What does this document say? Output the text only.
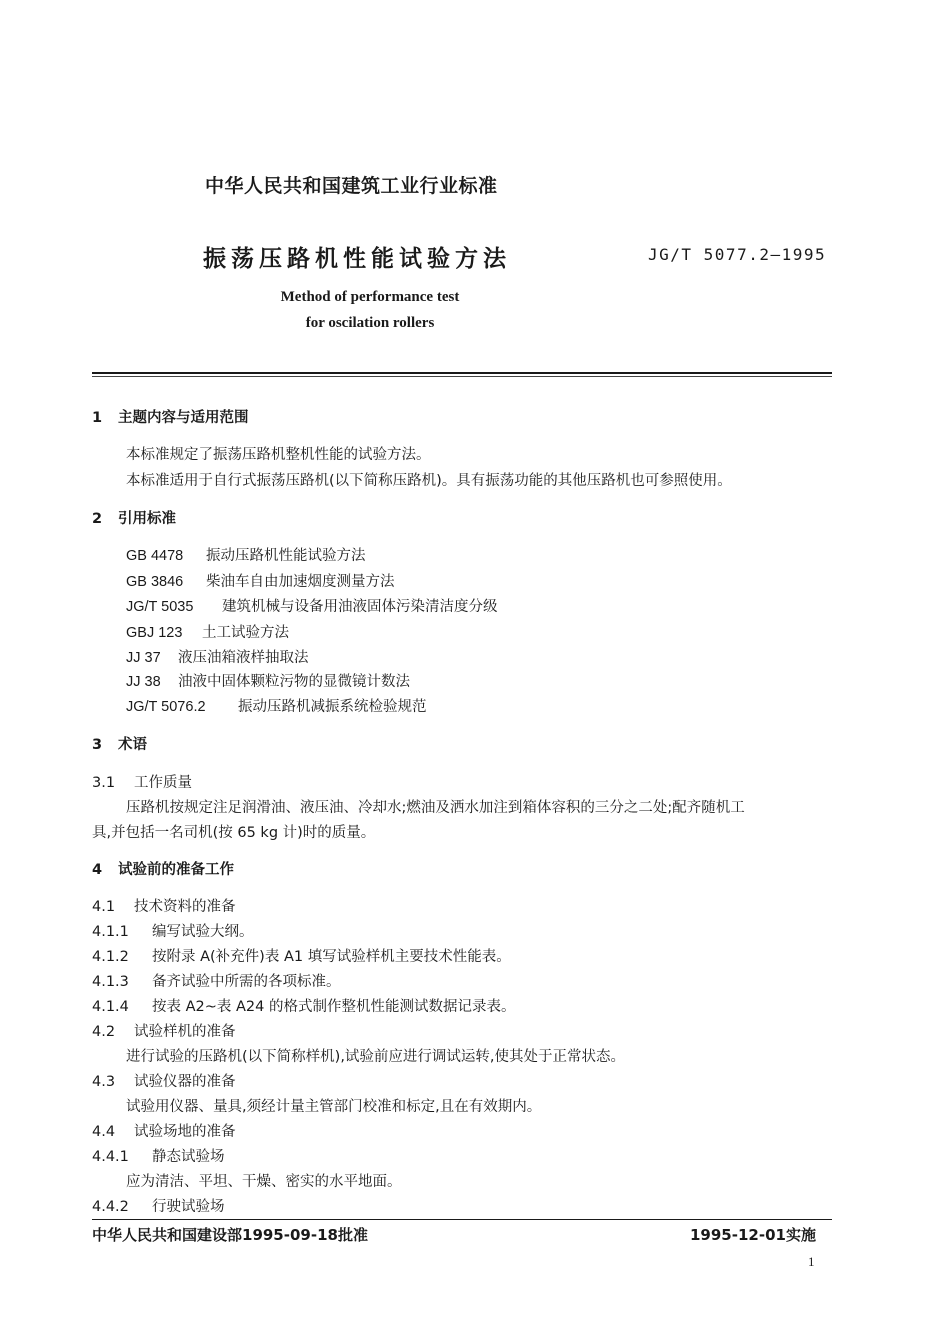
中华人民共和国建筑工业行业标准
振荡压路机性能试验方法	JG/T 5077.2—1995
Method of performance test
for oscilation rollers
1 主题内容与适用范围
本标准规定了振荡压路机整机性能的试验方法。
本标准适用于自行式振荡压路机(以下简称压路机)。具有振荡功能的其他压路机也可参照使用。
2 引用标准
GB 4478 振动压路机性能试验方法
GB 3846 柴油车自由加速烟度测量方法
JG/T 5035 建筑机械与设备用油液固体污染清洁度分级
GBJ 123 土工试验方法
JJ 37 液压油箱液样抽取法
JJ 38 油液中固体颗粒污物的显微镜计数法
JG/T 5076.2 振动压路机减振系统检验规范
3 术语
3.1 工作质量
压路机按规定注足润滑油、液压油、冷却水;燃油及洒水加注到箱体容积的三分之二处;配齐随机工
具,并包括一名司机(按 65 kg 计)时的质量。
4 试验前的准备工作
4.1 技术资料的准备
4.1.1 编写试验大纲。
4.1.2 按附录 A(补充件)表 A1 填写试验样机主要技术性能表。
4.1.3 备齐试验中所需的各项标准。
4.1.4 按表 A2~表 A24 的格式制作整机性能测试数据记录表。
4.2 试验样机的准备
进行试验的压路机(以下简称样机),试验前应进行调试运转,使其处于正常状态。
4.3 试验仪器的准备
试验用仪器、量具,须经计量主管部门校准和标定,且在有效期内。
4.4 试验场地的准备
4.4.1 静态试验场
应为清洁、平坦、干燥、密实的水平地面。
4.4.2 行驶试验场
中华人民共和国建设部1995-09-18批准	1995-12-01实施
1
